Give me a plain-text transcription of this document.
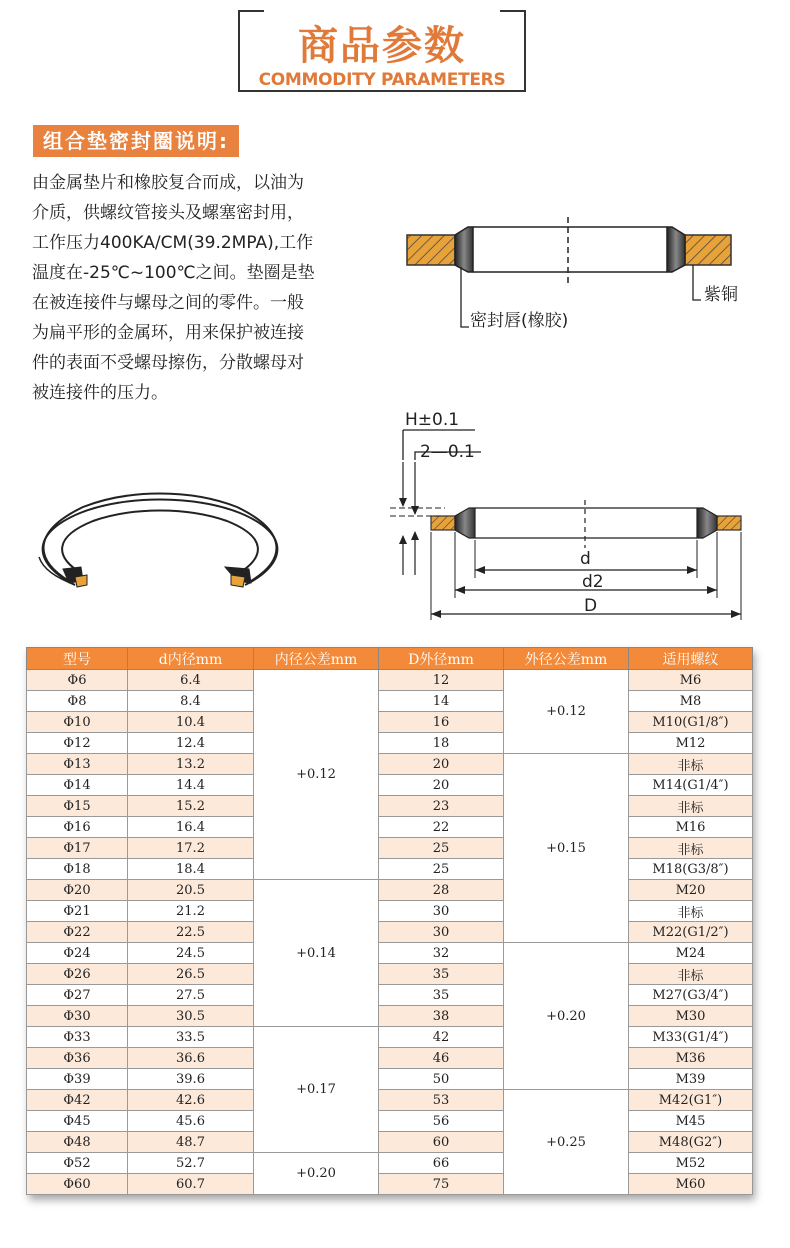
商品参数
COMMODITY PARAMETERS
组合垫密封圈说明:

由金属垫片和橡胶复合而成，以油为

介质，供螺纹管接头及螺塞密封用，

工作压力400KA/CM(39.2MPA),工作

温度在-25℃~100℃之间。垫圈是垫

在被连接件与螺母之间的零件。一般

为扁平形的金属环，用来保护被连接

件的表面不受螺母擦伤，分散螺母对

被连接件的压力。

紫铜
密封唇(橡胶)
H±0.1
2—0.1
d
d2
D
型号	d内径mm	内径公差mm	D外径mm	外径公差mm	适用螺纹
Φ6	6.4	+0.12	12	+0.12	M6
Φ8	8.4		14		M8
Φ10	10.4		16		M10(G1/8″)
Φ12	12.4		18		M12
Φ13	13.2		20	+0.15	非标
Φ14	14.4		20		M14(G1/4″)
Φ15	15.2		23		非标
Φ16	16.4		22		M16
Φ17	17.2		25		非标
Φ18	18.4		25		M18(G3/8″)
Φ20	20.5	+0.14	28		M20
Φ21	21.2		30		非标
Φ22	22.5		30		M22(G1/2″)
Φ24	24.5		32	+0.20	M24
Φ26	26.5		35		非标
Φ27	27.5		35		M27(G3/4″)
Φ30	30.5		38		M30
Φ33	33.5	+0.17	42		M33(G1/4″)
Φ36	36.6		46		M36
Φ39	39.6		50		M39
Φ42	42.6		53	+0.25	M42(G1″)
Φ45	45.6		56		M45
Φ48	48.7		60		M48(G2″)
Φ52	52.7	+0.20	66		M52
Φ60	60.7		75		M60
